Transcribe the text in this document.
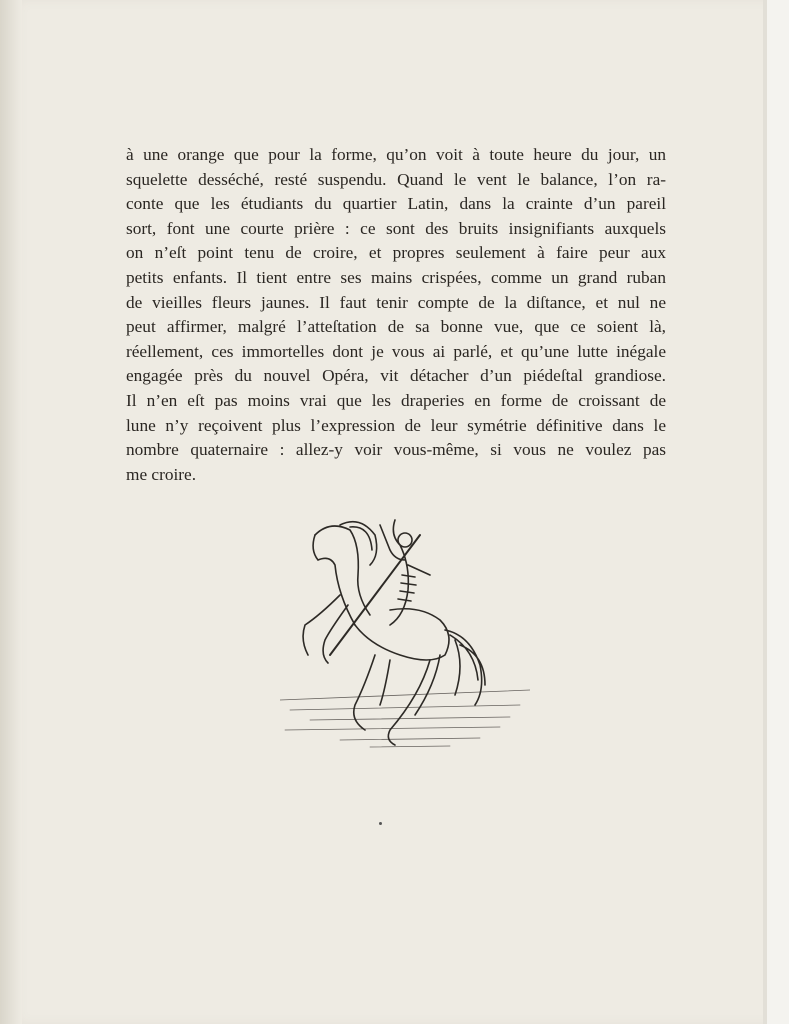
à une orange que pour la forme, qu’on voit à toute heure du jour, un
squelette desséché, resté suspendu. Quand le vent le balance, l’on ra-
conte que les étudiants du quartier Latin, dans la crainte d’un pareil
sort, font une courte prière : ce sont des bruits insignifiants auxquels
on n’eſt point tenu de croire, et propres seulement à faire peur aux
petits enfants. Il tient entre ses mains crispées, comme un grand ruban
de vieilles fleurs jaunes. Il faut tenir compte de la diſtance, et nul ne
peut affirmer, malgré l’atteſtation de sa bonne vue, que ce soient là,
réellement, ces immortelles dont je vous ai parlé, et qu’une lutte inégale
engagée près du nouvel Opéra, vit détacher d’un piédeſtal grandiose.
Il n’en eſt pas moins vrai que les draperies en forme de croissant de
lune n’y reçoivent plus l’expression de leur symétrie définitive dans le
nombre quaternaire : allez-y voir vous-même, si vous ne voulez pas
me croire.
